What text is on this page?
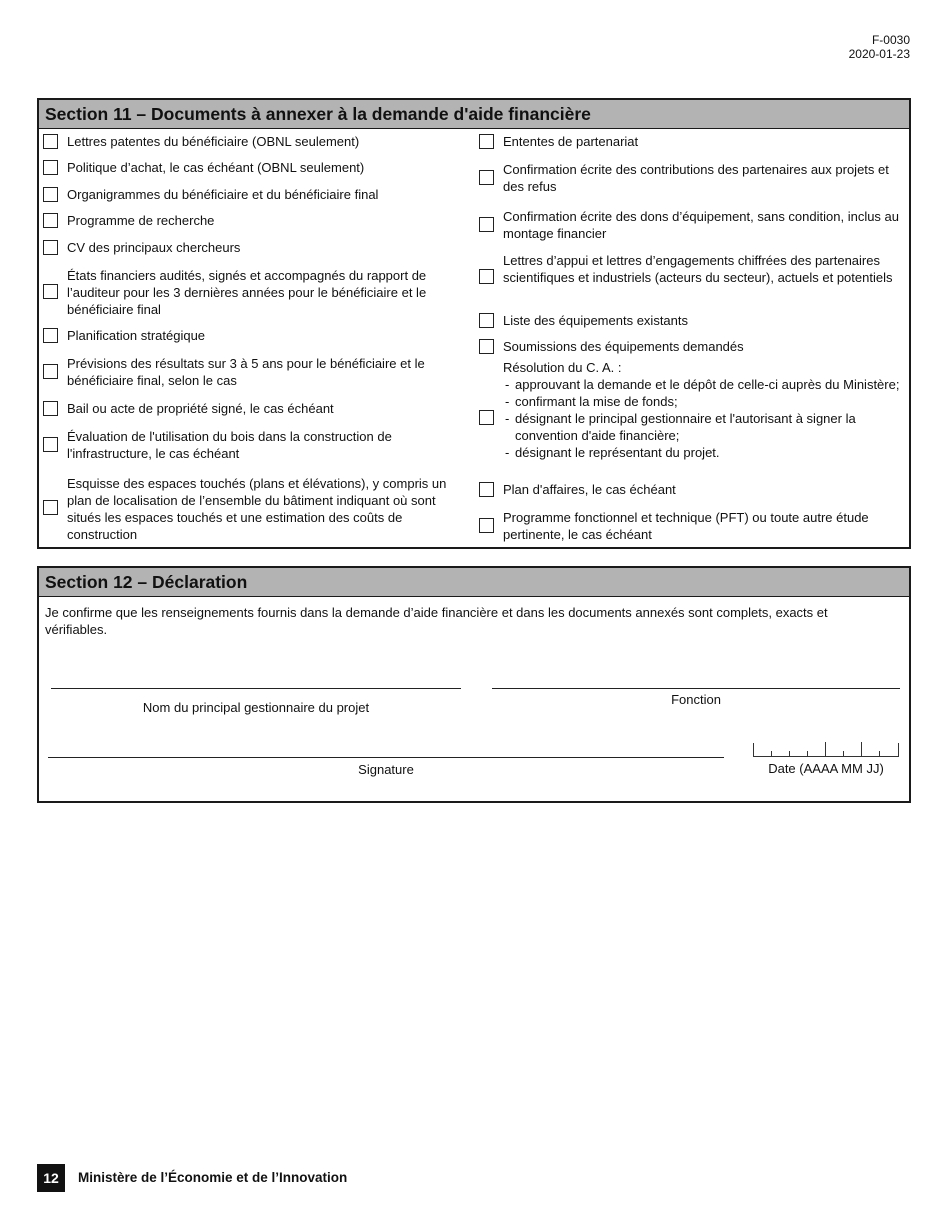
F-0030
2020-01-23
Section 11 – Documents à annexer à la demande d'aide financière
Lettres patentes du bénéficiaire (OBNL seulement)
Politique d’achat, le cas échéant (OBNL seulement)
Organigrammes du bénéficiaire et du bénéficiaire final
Programme de recherche
CV des principaux chercheurs
États financiers audités, signés et accompagnés du rapport de l’auditeur pour les 3 dernières années pour le bénéficiaire et le bénéficiaire final
Planification stratégique
Prévisions des résultats sur 3 à 5 ans pour le bénéficiaire et le bénéficiaire final, selon le cas
Bail ou acte de propriété signé, le cas échéant
Évaluation de l'utilisation du bois dans la construction de l'infrastructure, le cas échéant
Esquisse des espaces touchés (plans et élévations), y compris un plan de localisation de l’ensemble du bâtiment indiquant où sont situés les espaces touchés et une estimation des coûts de construction
Ententes de partenariat
Confirmation écrite des contributions des partenaires aux projets et des refus
Confirmation écrite des dons d’équipement, sans condition, inclus au montage financier
Lettres d’appui et lettres d’engagements chiffrées des partenaires scientifiques et industriels (acteurs du secteur), actuels et potentiels
Liste des équipements existants
Soumissions des équipements demandés
Résolution du C. A. :
- approuvant la demande et le dépôt de celle-ci auprès du Ministère;
- confirmant la mise de fonds;
- désignant le principal gestionnaire et l'autorisant à signer la convention d'aide financière;
- désignant le représentant du projet.
Plan d'affaires, le cas échéant
Programme fonctionnel et technique (PFT) ou toute autre étude pertinente, le cas échéant
Section 12 – Déclaration
Je confirme que les renseignements fournis dans la demande d’aide financière et dans les documents annexés sont complets, exacts et vérifiables.
Nom du principal gestionnaire du projet
Fonction
Signature	Date (AAAA MM JJ)
12	Ministère de l’Économie et de l’Innovation
